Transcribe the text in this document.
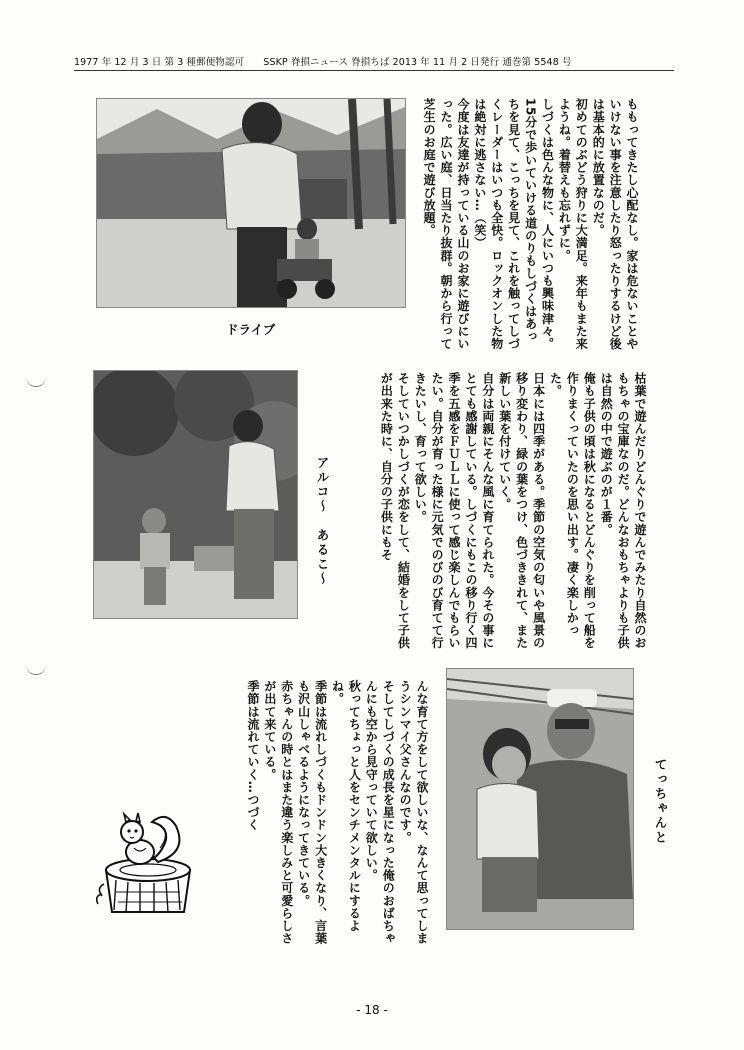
1977 年 12 月 3 日 第 3 種郵便物認可　　SSKP 脊損ニュース 脊損ちば 2013 年 11 月 2 日発行 通巻第 5548 号
ドライブ
アルコ〜　あるこ〜
てっちゃんと

ももってきたし心配なし。家は危ないことやいけない事を注意したり怒ったりするけど後は基本的に放置なのだ。

初めてのぶどう狩りに大満足。来年もまた来ようね。着替えも忘れずに。

しづくは色んな物に、人にいつも興味津々。15分で歩いていける道のりもしづくはあっちを見て、こっちを見て、これを触ってしづくレーダーはいつも全快。ロックオンした物は絶対に逃さない…（笑）

今度は友達が持っている山のお家に遊びにいった。広い庭、日当たり抜群。朝から行って芝生のお庭で遊び放題。

枯葉で遊んだりどんぐりで遊んでみたり自然のおもちゃの宝庫なのだ。どんなおもちゃよりも子供は自然の中で遊ぶのが１番。

俺も子供の頃は秋になるとどんぐりを削って船を作りまくっていたのを思い出す。凄く楽しかった。

日本には四季がある。季節の空気の匂いや風景の移り変わり、緑の葉をつけ、色づききれて、また新しい葉を付けていく。

自分は両親にそんな風に育てられた。今その事にとても感謝している。しづくにもこの移り行く四季を五感をＦＵＬＬに使って感じ楽しんでもらいたい。自分が育った様に元気でのびのび育てて行きたいし、育って欲しい。

そしていつかしづくが恋をして、結婚をして子供が出来た時に、自分の子供にもそ

んな育て方をして欲しいな、なんて思ってしまうシンマイ父さんなのです。

そしてしづくの成長を星になった俺のおばちゃんにも空から見守っていて欲しい。

秋ってちょっと人をセンチメンタルにするよね。

季節は流れしづくもドンドン大きくなり、言葉も沢山しゃべるようになってきている。

赤ちゃんの時とはまた違う楽しみと可愛らしさが出て来ている。

季節は流れていく…つづく

- 18 -
